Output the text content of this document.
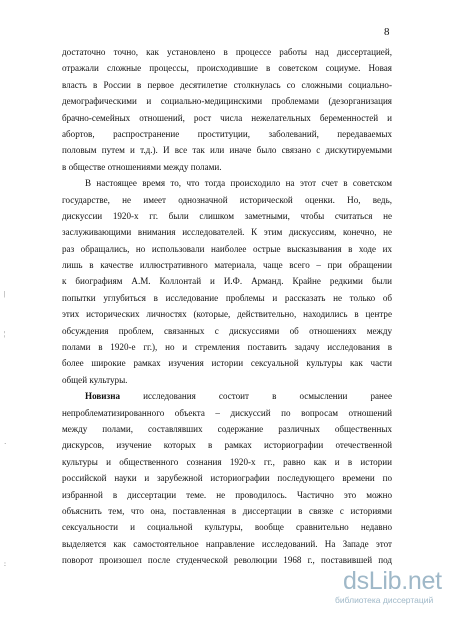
8
|
¦
·
:
достаточно точно, как установлено в процессе работы над диссертацией,
отражали сложные процессы, происходившие в советском социуме. Новая
власть в России в первое десятилетие столкнулась со сложными социально-
демографическими и социально-медицинскими проблемами (дезорганизация
брачно-семейных отношений, рост числа нежелательных беременностей и
абортов, распространение проституции, заболеваний, передаваемых
половым путем и т.д.). И все так или иначе было связано с дискутируемыми
в обществе отношениями между полами.
В настоящее время то, что тогда происходило на этот счет в советском
государстве, не имеет однозначной исторической оценки. Но, ведь,
дискуссии 1920-х гг. были слишком заметными, чтобы считаться не
заслуживающими внимания исследователей. К этим дискуссиям, конечно, не
раз обращались, но использовали наиболее острые высказывания в ходе их
лишь в качестве иллюстративного материала, чаще всего – при обращении
к биографиям А.М. Коллонтай и И.Ф. Арманд. Крайне редкими были
попытки углубиться в исследование проблемы и рассказать не только об
этих исторических личностях (которые, действительно, находились в центре
обсуждения проблем, связанных с дискуссиями об отношениях между
полами в 1920-е гг.), но и стремления поставить задачу исследования в
более широкие рамках изучения истории сексуальной культуры как части
общей культуры.
Новизна	исследования состоит в осмыслении ранее
непроблематизированного объекта – дискуссий по вопросам отношений
между полами, составлявших содержание различных общественных
дискурсов, изучение которых в рамках историографии отечественной
культуры и общественного сознания 1920-х гг., равно как и в истории
российской науки и зарубежной историографии последующего времени по
избранной в диссертации теме. не проводилось. Частично это можно
объяснить тем, что она, поставленная в диссертации в связке с историями
сексуальности и социальной культуры, вообще сравнительно недавно
выделяется как самостоятельное направление исследований. На Западе этот
поворот произошел после студенческой революции 1968 г., поставившей под
dsLib.net
библиотека диссертаций
